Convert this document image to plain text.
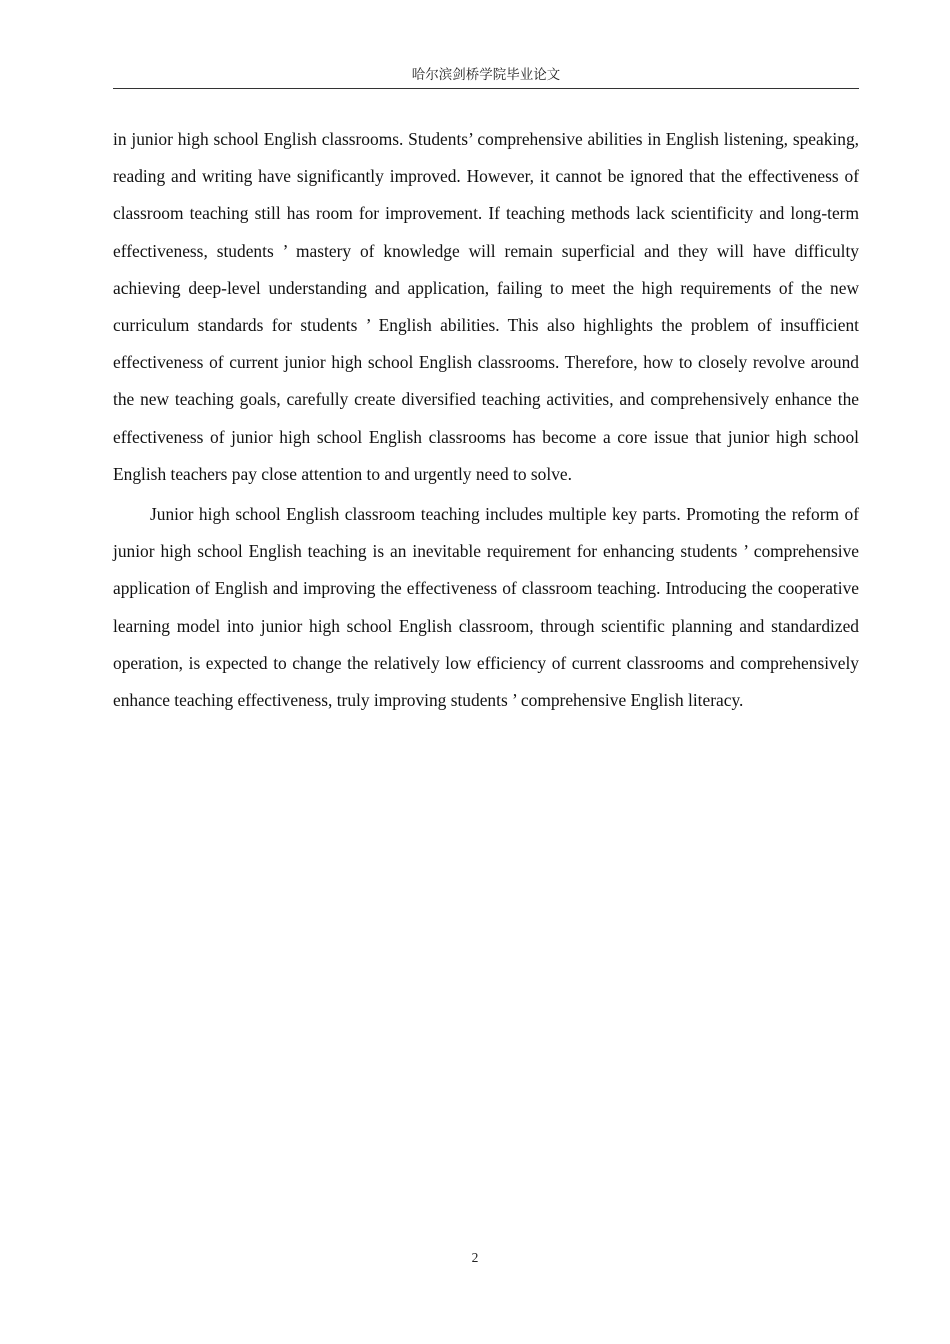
哈尔滨剑桥学院毕业论文

in junior high school English classrooms. Students’ comprehensive abilities in English listening, speaking, reading and writing have significantly improved. However, it cannot be ignored that the effectiveness of classroom teaching still has room for improvement. If teaching methods lack scientificity and long-term effectiveness, students ’ mastery of knowledge will remain superficial and they will have difficulty achieving deep-level understanding and application, failing to meet the high requirements of the new curriculum standards for students ’ English abilities. This also highlights the problem of insufficient effectiveness of current junior high school English classrooms. Therefore, how to closely revolve around the new teaching goals, carefully create diversified teaching activities, and comprehensively enhance the effectiveness of junior high school English classrooms has become a core issue that junior high school English teachers pay close attention to and urgently need to solve.

Junior high school English classroom teaching includes multiple key parts. Promoting the reform of junior high school English teaching is an inevitable requirement for enhancing students ’ comprehensive application of English and improving the effectiveness of classroom teaching. Introducing the cooperative learning model into junior high school English classroom, through scientific planning and standardized operation, is expected to change the relatively low efficiency of current classrooms and comprehensively enhance teaching effectiveness, truly improving students ’ comprehensive English literacy.

2
